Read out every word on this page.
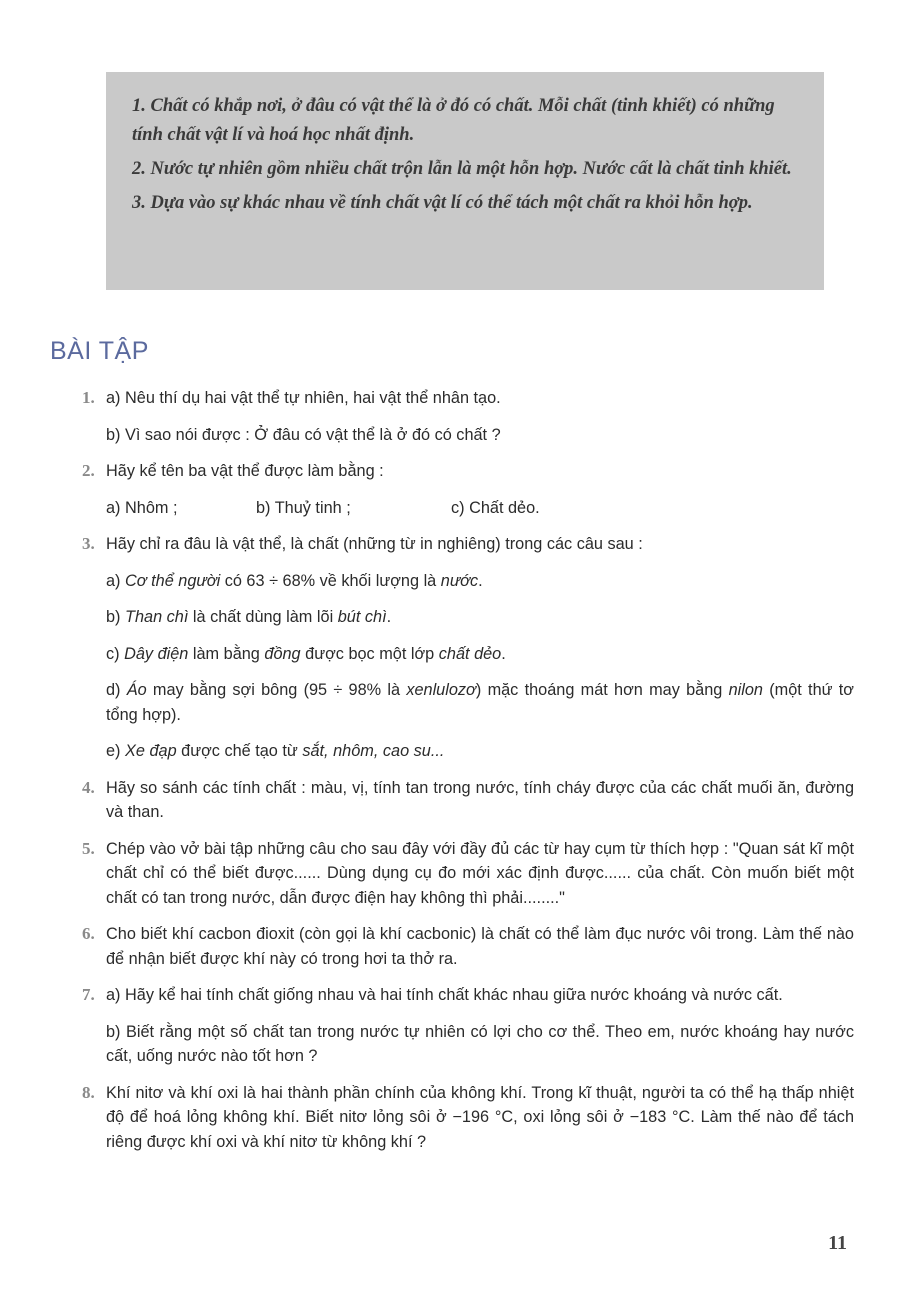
1. Chất có khắp nơi, ở đâu có vật thể là ở đó có chất. Mỗi chất (tinh khiết) có những tính chất vật lí và hoá học nhất định.

2. Nước tự nhiên gồm nhiều chất trộn lẫn là một hỗn hợp. Nước cất là chất tinh khiết.

3. Dựa vào sự khác nhau về tính chất vật lí có thể tách một chất ra khỏi hỗn hợp.

BÀI TẬP
1. a) Nêu thí dụ hai vật thể tự nhiên, hai vật thể nhân tạo.

b) Vì sao nói được : Ở đâu có vật thể là ở đó có chất ?

2. Hãy kể tên ba vật thể được làm bằng :

a) Nhôm ;	b) Thuỷ tinh ;	c) Chất dẻo.

3. Hãy chỉ ra đâu là vật thể, là chất (những từ in nghiêng) trong các câu sau :

a) Cơ thể người có 63 ÷ 68% về khối lượng là nước.

b) Than chì là chất dùng làm lõi bút chì.

c) Dây điện làm bằng đồng được bọc một lớp chất dẻo.

d) Áo may bằng sợi bông (95 ÷ 98% là xenlulozơ) mặc thoáng mát hơn may bằng nilon (một thứ tơ tổng hợp).

e) Xe đạp được chế tạo từ sắt, nhôm, cao su...

4. Hãy so sánh các tính chất : màu, vị, tính tan trong nước, tính cháy được của các chất muối ăn, đường và than.

5. Chép vào vở bài tập những câu cho sau đây với đầy đủ các từ hay cụm từ thích hợp : "Quan sát kĩ một chất chỉ có thể biết được...... Dùng dụng cụ đo mới xác định được...... của chất. Còn muốn biết một chất có tan trong nước, dẫn được điện hay không thì phải........"

6. Cho biết khí cacbon đioxit (còn gọi là khí cacbonic) là chất có thể làm đục nước vôi trong. Làm thế nào để nhận biết được khí này có trong hơi ta thở ra.

7. a) Hãy kể hai tính chất giống nhau và hai tính chất khác nhau giữa nước khoáng và nước cất.

b) Biết rằng một số chất tan trong nước tự nhiên có lợi cho cơ thể. Theo em, nước khoáng hay nước cất, uống nước nào tốt hơn ?

8. Khí nitơ và khí oxi là hai thành phần chính của không khí. Trong kĩ thuật, người ta có thể hạ thấp nhiệt độ để hoá lỏng không khí. Biết nitơ lỏng sôi ở −196 °C, oxi lỏng sôi ở −183 °C. Làm thế nào để tách riêng được khí oxi và khí nitơ từ không khí ?

11
